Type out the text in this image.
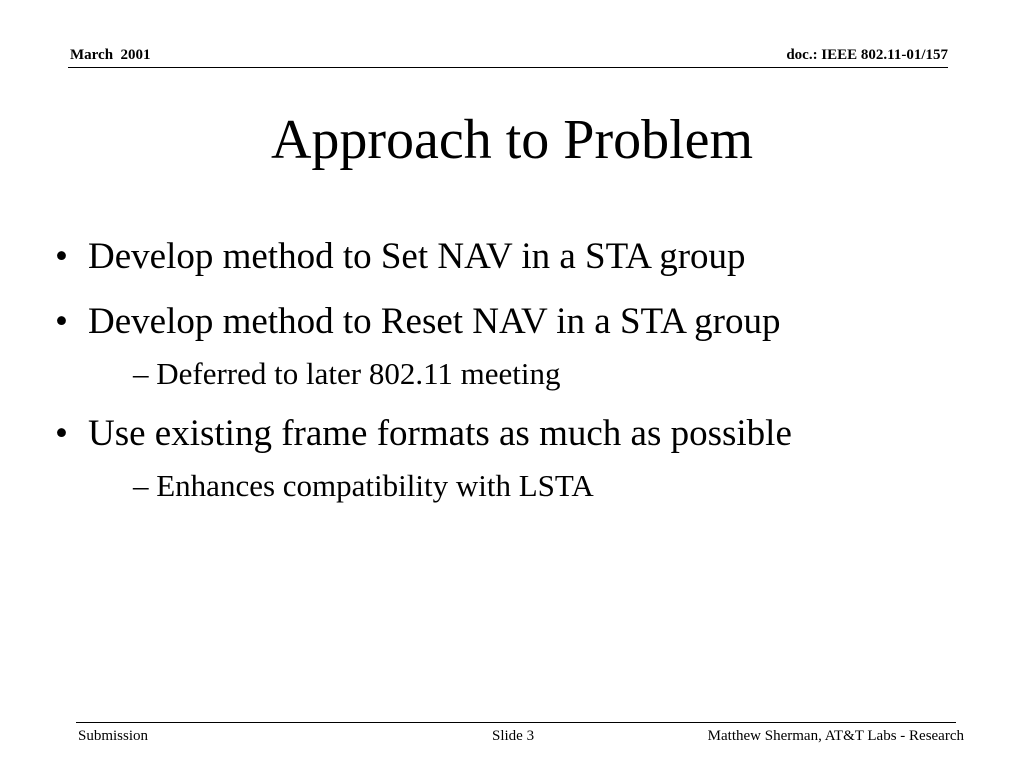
March  2001	doc.: IEEE 802.11-01/157
Approach to Problem
• Develop method to Set NAV in a STA group
• Develop method to Reset NAV in a STA group
– Deferred to later 802.11 meeting
• Use existing frame formats as much as possible
– Enhances compatibility with LSTA
Submission	Slide 3	Matthew Sherman, AT&T Labs - Research
